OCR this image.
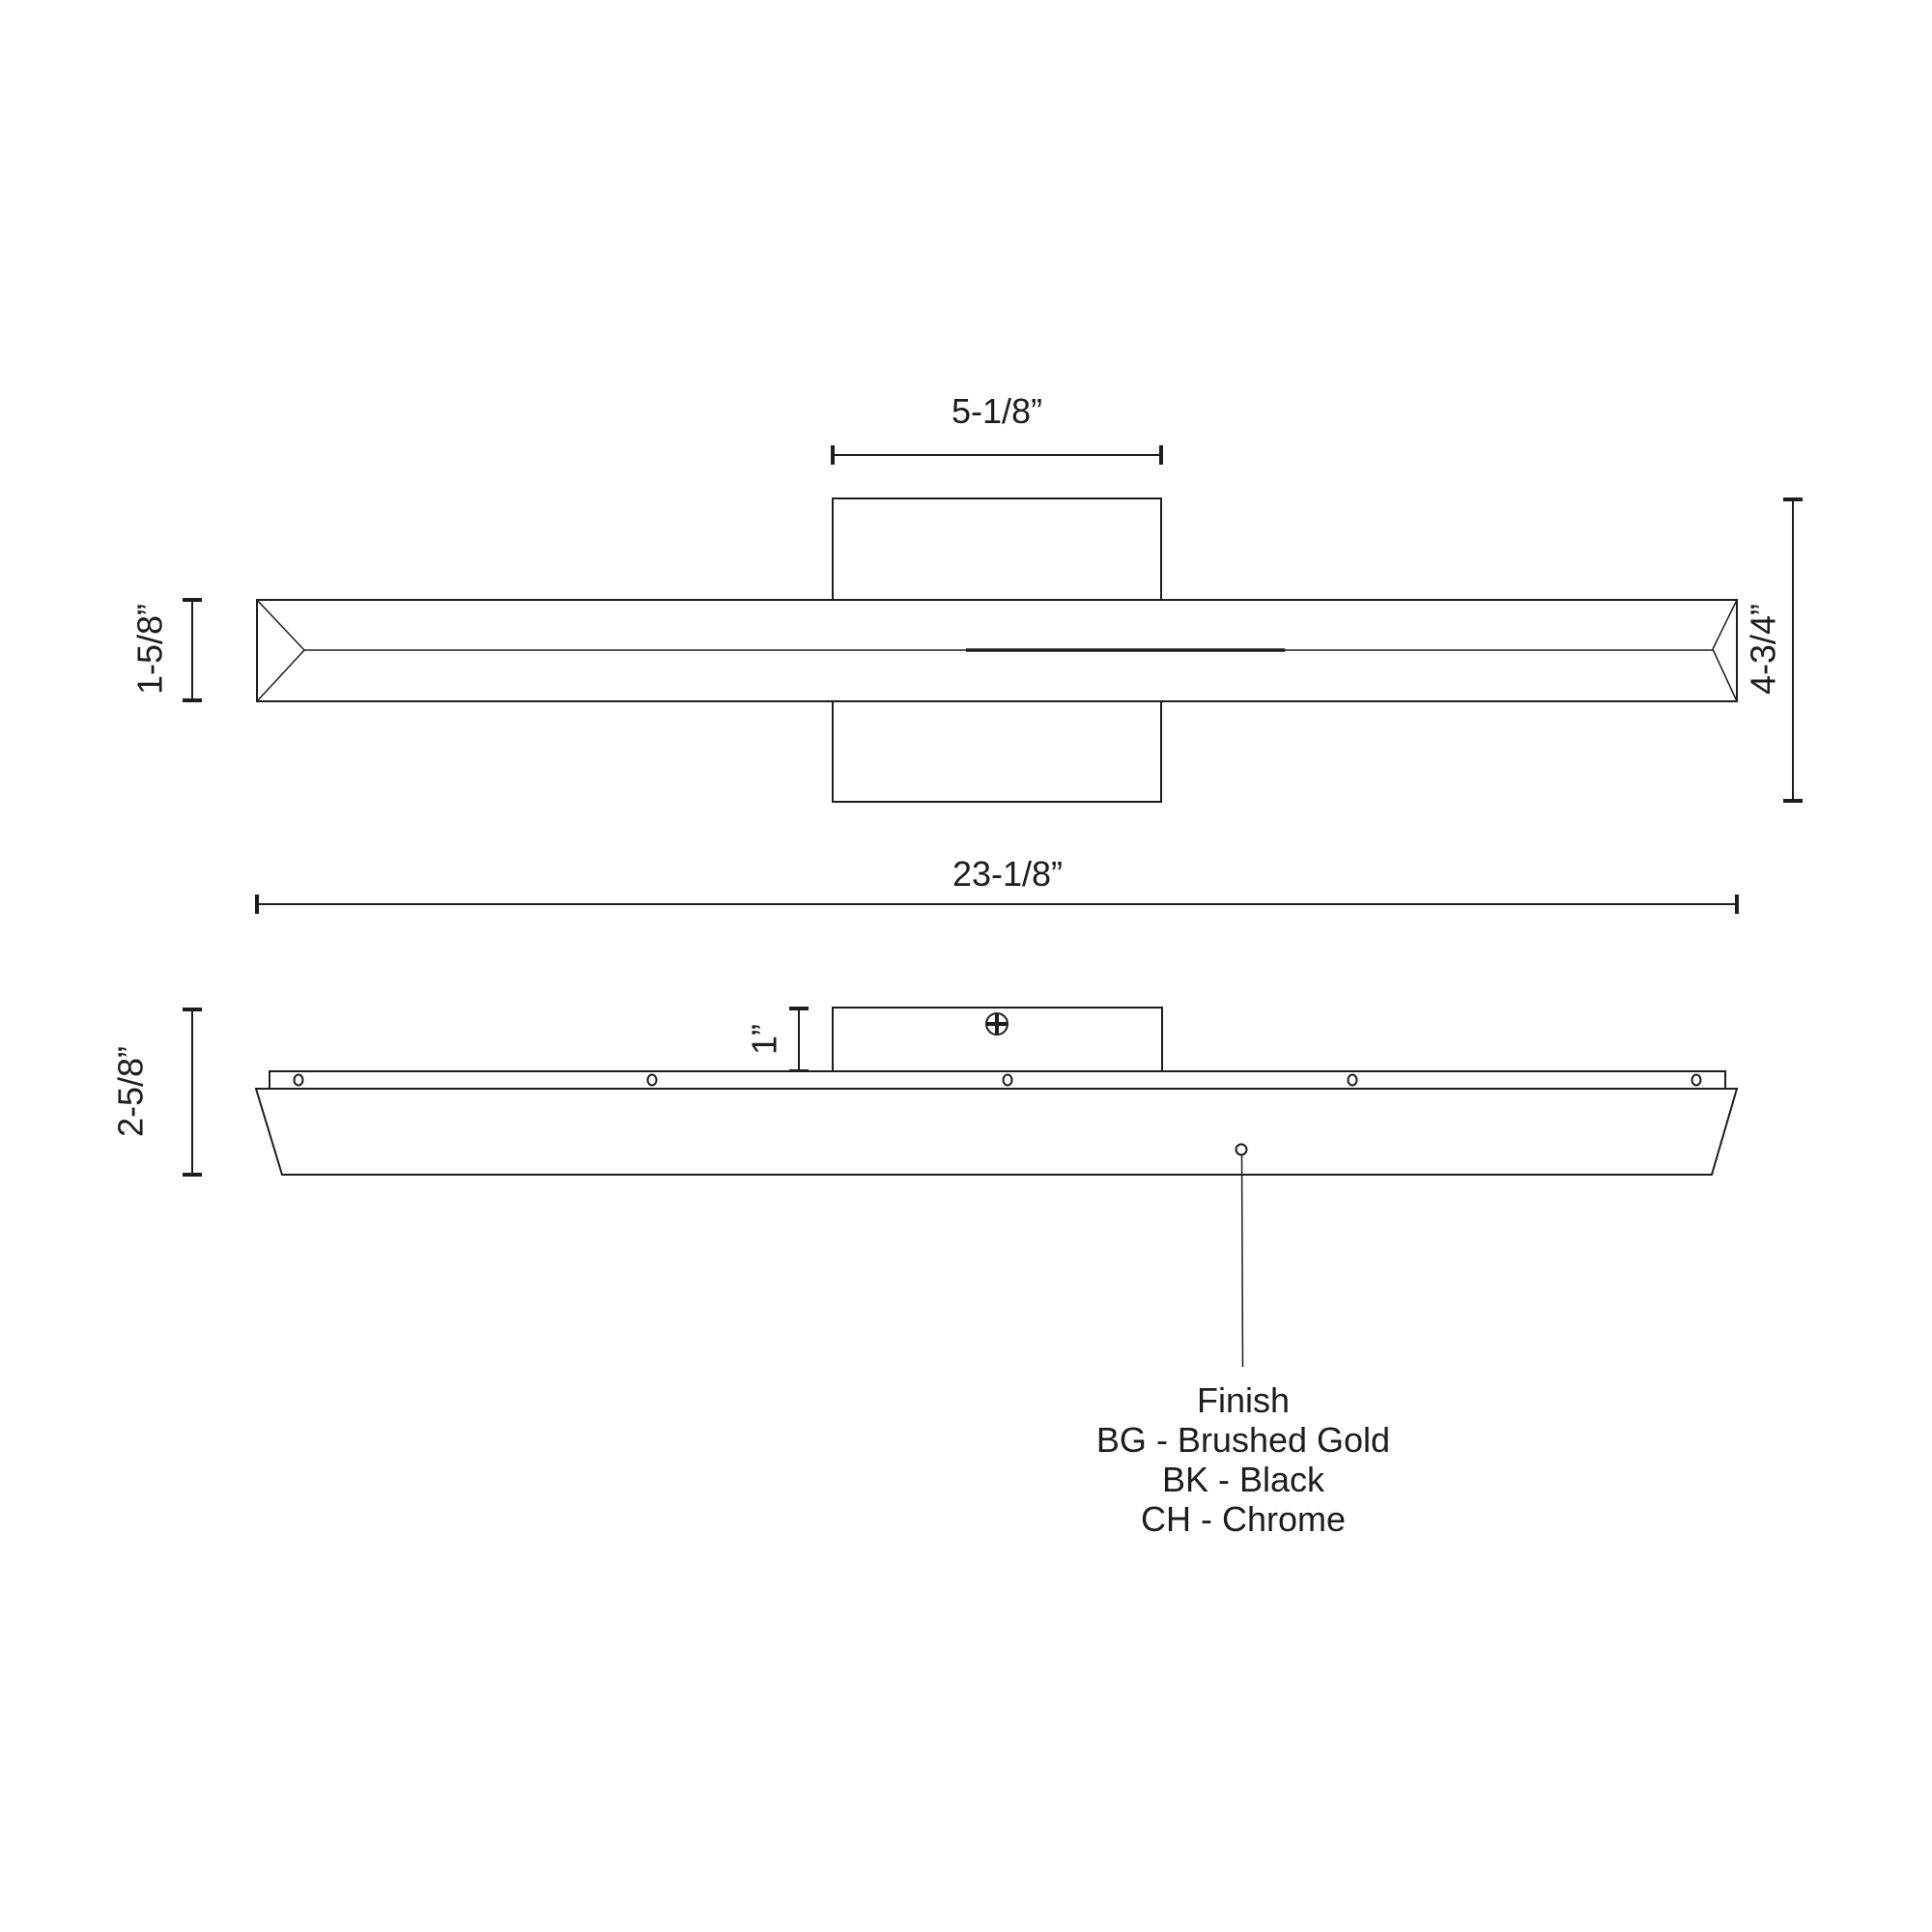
5-1/8”
1-5/8”	4-3/4”
23-1/8”
1”
2-5/8”
Finish
BG - Brushed Gold
BK - Black
CH - Chrome
